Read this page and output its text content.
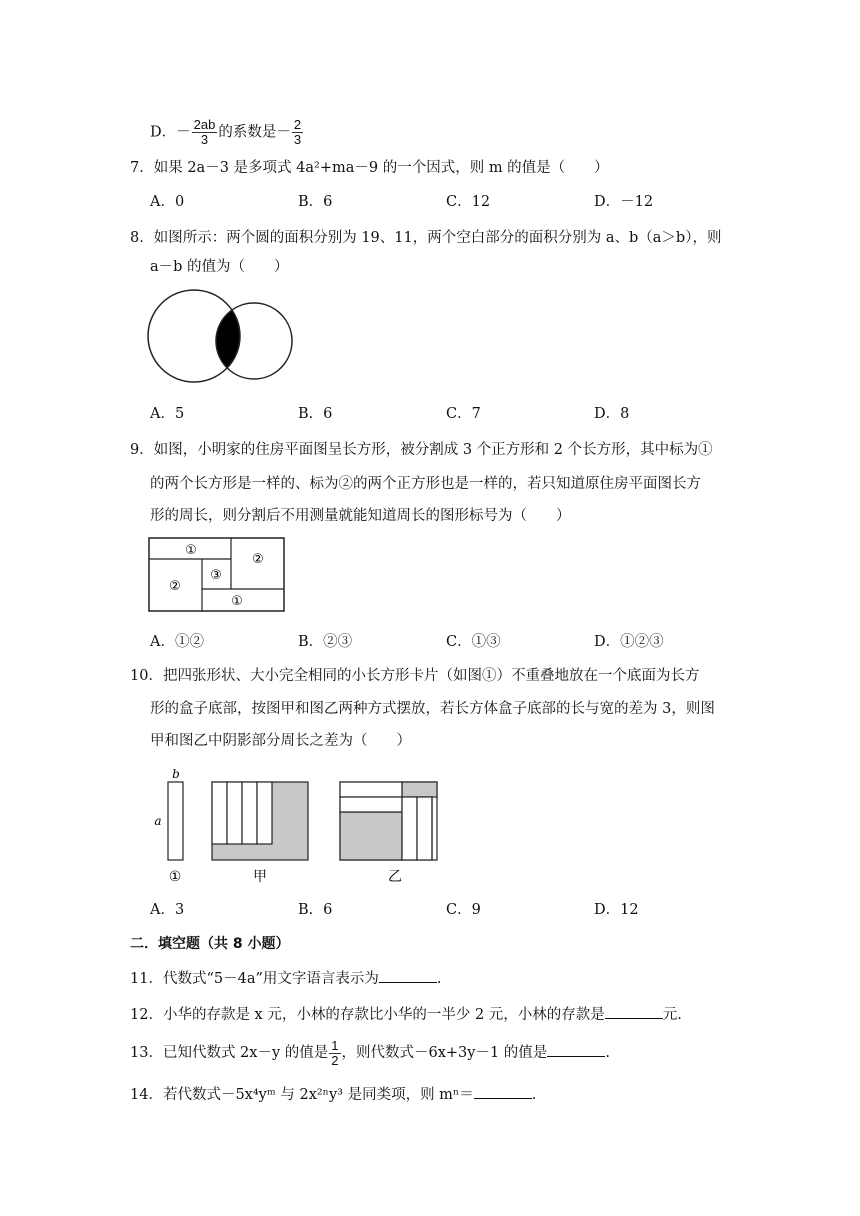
D．－ $\frac{2ab}{3}$ 的系数是－ $\frac{2}{3}$
7．如果 2a－3 是多项式 4a²+ma－9 的一个因式，则 m 的值是（　　）
A．0	B．6	C．12	D．－12
8．如图所示：两个圆的面积分别为 19、11，两个空白部分的面积分别为 a、b（a＞b），则
a－b 的值为（　　）
A．5	B．6	C．7	D．8
9．如图，小明家的住房平面图呈长方形，被分割成 3 个正方形和 2 个长方形，其中标为①
的两个长方形是一样的、标为②的两个正方形也是一样的，若只知道原住房平面图长方
形的周长，则分割后不用测量就能知道周长的图形标号为（　　）
①
②
③
②
①
A．①②	B．②③	C．①③	D．①②③
10．把四张形状、大小完全相同的小长方形卡片（如图①）不重叠地放在一个底面为长方
形的盒子底部，按图甲和图乙两种方式摆放，若长方体盒子底部的长与宽的差为 3，则图
甲和图乙中阴影部分周长之差为（　　）
b
a
①	甲	乙
A．3	B．6	C．9	D．12
二．填空题（共 8 小题）
11．代数式“5－4a”用文字语言表示为	.
12．小华的存款是 x 元，小林的存款比小华的一半少 2 元，小林的存款是	元.
13．已知代数式 2x－y 的值是 $\frac{1}{2}$ ，则代数式－6x+3y－1 的值是	.
14．若代数式－5x⁴yᵐ 与 2x²ⁿy³ 是同类项，则 mⁿ＝	.
